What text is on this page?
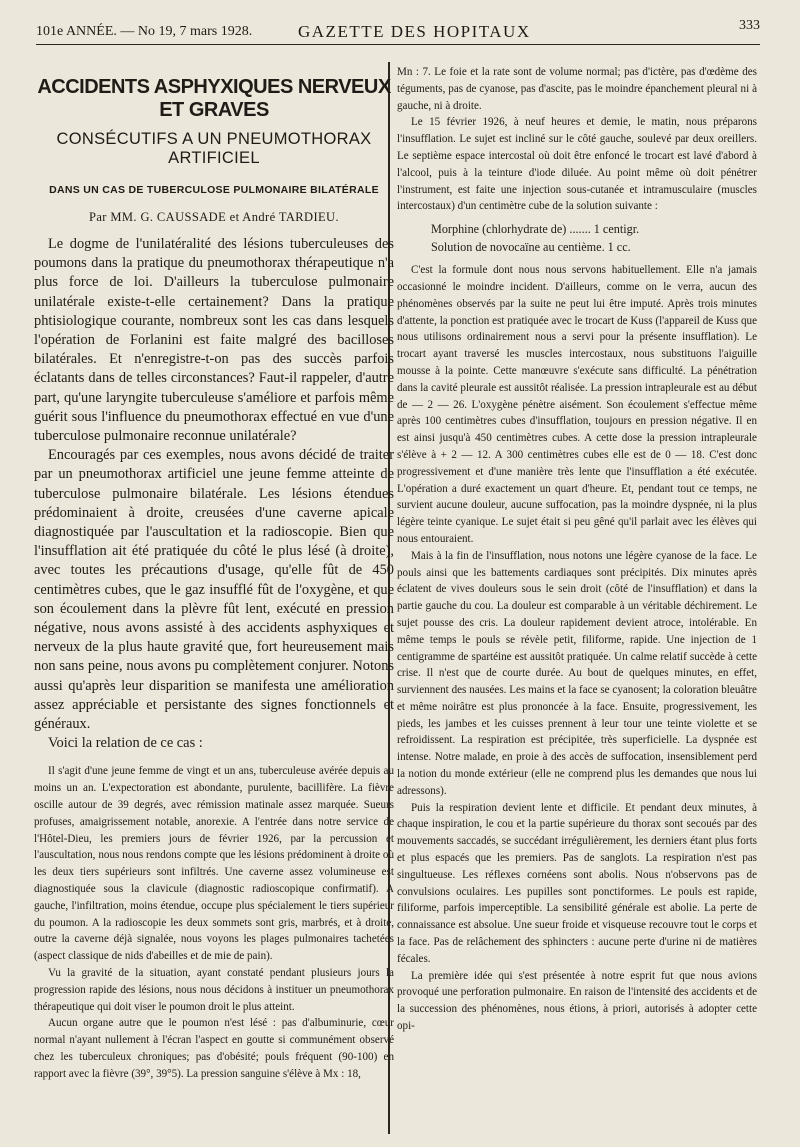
101e ANNÉE. — No 19, 7 mars 1928.	GAZETTE DES HOPITAUX	333
ACCIDENTS ASPHYXIQUES NERVEUX ET GRAVES
CONSÉCUTIFS A UN PNEUMOTHORAX ARTIFICIEL
DANS UN CAS DE TUBERCULOSE PULMONAIRE BILATÉRALE
Par MM. G. CAUSSADE et André TARDIEU.

Le dogme de l'unilatéralité des lésions tuberculeuses des poumons dans la pratique du pneumothorax thérapeutique n'a plus force de loi. D'ailleurs la tuberculose pulmonaire unilatérale existe-t-elle certainement? Dans la pratique phtisiologique courante, nombreux sont les cas dans lesquels l'opération de Forlanini est faite malgré des bacilloses bilatérales. Et n'enregistre-t-on pas des succès parfois éclatants dans de telles circonstances? Faut-il rappeler, d'autre part, qu'une laryngite tuberculeuse s'améliore et parfois même guérit sous l'influence du pneumothorax effectué en vue d'une tuberculose pulmonaire reconnue unilatérale?

Encouragés par ces exemples, nous avons décidé de traiter par un pneumothorax artificiel une jeune femme atteinte de tuberculose pulmonaire bilatérale. Les lésions étendues prédominaient à droite, creusées d'une caverne apicale diagnostiquée par l'auscultation et la radioscopie. Bien que l'insufflation ait été pratiquée du côté le plus lésé (à droite), avec toutes les précautions d'usage, qu'elle fût de 450 centimètres cubes, que le gaz insufflé fût de l'oxygène, et que son écoulement dans la plèvre fût lent, exécuté en pression négative, nous avons assisté à des accidents asphyxiques et nerveux de la plus haute gravité que, fort heureusement mais non sans peine, nous avons pu complètement conjurer. Notons aussi qu'après leur disparition se manifesta une amélioration assez appréciable et persistante des signes fonctionnels et généraux.

Voici la relation de ce cas :

Il s'agit d'une jeune femme de vingt et un ans, tuberculeuse avérée depuis au moins un an. L'expectoration est abondante, purulente, bacillifère. La fièvre oscille autour de 39 degrés, avec rémission matinale assez marquée. Sueurs profuses, amaigrissement notable, anorexie. A l'entrée dans notre service de l'Hôtel-Dieu, les premiers jours de février 1926, par la percussion et l'auscultation, nous nous rendons compte que les lésions prédominent à droite où les deux tiers supérieurs sont infiltrés. Une caverne assez volumineuse est diagnostiquée sous la clavicule (diagnostic radioscopique confirmatif). A gauche, l'infiltration, moins étendue, occupe plus spécialement le tiers supérieur du poumon. A la radioscopie les deux sommets sont gris, marbrés, et à droite, outre la caverne déjà signalée, nous voyons les plages pulmonaires tachetées (aspect classique de nids d'abeilles et de mie de pain).

Vu la gravité de la situation, ayant constaté pendant plusieurs jours la progression rapide des lésions, nous nous décidons à instituer un pneumothorax thérapeutique qui doit viser le poumon droit le plus atteint.

Aucun organe autre que le poumon n'est lésé : pas d'albuminurie, cœur normal n'ayant nullement à l'écran l'aspect en goutte si communément observé chez les tuberculeux chroniques; pas d'obésité; pouls fréquent (90-100) en rapport avec la fièvre (39°, 39°5). La pression sanguine s'élève à Mx : 18,

Mn : 7. Le foie et la rate sont de volume normal; pas d'ictère, pas d'œdème des téguments, pas de cyanose, pas d'ascite, pas le moindre épanchement pleural ni à gauche, ni à droite.

Le 15 février 1926, à neuf heures et demie, le matin, nous préparons l'insufflation. Le sujet est incliné sur le côté gauche, soulevé par deux oreillers. Le septième espace intercostal où doit être enfoncé le trocart est lavé d'abord à l'alcool, puis à la teinture d'iode diluée. Au point même où doit pénétrer l'instrument, est faite une injection sous-cutanée et intramusculaire (muscles intercostaux) d'un centimètre cube de la solution suivante :

Morphine (chlorhydrate de) ....... 1 centigr.
Solution de novocaïne au centième. 1 cc.

C'est la formule dont nous nous servons habituellement. Elle n'a jamais occasionné le moindre incident. D'ailleurs, comme on le verra, aucun des phénomènes observés par la suite ne peut lui être imputé. Après trois minutes d'attente, la ponction est pratiquée avec le trocart de Kuss (l'appareil de Kuss que nous utilisons ordinairement nous a servi pour la présente insufflation). Le trocart ayant traversé les muscles intercostaux, nous substituons l'aiguille mousse à la pointe. Cette manœuvre s'exécute sans difficulté. La pénétration dans la cavité pleurale est aussitôt réalisée. La pression intrapleurale est au début de — 2 — 26. L'oxygène pénètre aisément. Son écoulement s'effectue même après 100 centimètres cubes d'insufflation, toujours en pression négative. Il en est ainsi jusqu'à 450 centimètres cubes. A cette dose la pression intrapleurale s'élève à + 2 — 12. A 300 centimètres cubes elle est de 0 — 18. C'est donc progressivement et d'une manière très lente que l'insufflation a été exécutée. L'opération a duré exactement un quart d'heure. Et, pendant tout ce temps, ne survient aucune douleur, aucune suffocation, pas la moindre dyspnée, ni la plus légère teinte cyanique. Le sujet était si peu gêné qu'il parlait avec les élèves qui nous entouraient.

Mais à la fin de l'insufflation, nous notons une légère cyanose de la face. Le pouls ainsi que les battements cardiaques sont précipités. Dix minutes après éclatent de vives douleurs sous le sein droit (côté de l'insufflation) et dans la partie gauche du cou. La douleur est comparable à un véritable déchirement. Le sujet pousse des cris. La douleur rapidement devient atroce, intolérable. En même temps le pouls se révèle petit, filiforme, rapide. Une injection de 1 centigramme de spartéine est aussitôt pratiquée. Un calme relatif succède à cette crise. Il n'est que de courte durée. Au bout de quelques minutes, en effet, surviennent des nausées. Les mains et la face se cyanosent; la coloration bleuâtre et même noirâtre est plus prononcée à la face. Ensuite, progressivement, les pieds, les jambes et les cuisses prennent à leur tour une teinte violette et se refroidissent. La respiration est précipitée, très superficielle. La dyspnée est intense. Notre malade, en proie à des accès de suffocation, insensiblement perd la notion du monde extérieur (elle ne comprend plus les demandes que nous lui adressons).

Puis la respiration devient lente et difficile. Et pendant deux minutes, à chaque inspiration, le cou et la partie supérieure du thorax sont secoués par des mouvements saccadés, se succédant irrégulièrement, les derniers étant plus forts et plus espacés que les premiers. Pas de sanglots. La respiration n'est pas singultueuse. Les réflexes cornéens sont abolis. Nous n'observons pas de convulsions oculaires. Les pupilles sont ponctiformes. Le pouls est rapide, filiforme, parfois imperceptible. La sensibilité générale est abolie. La perte de connaissance est absolue. Une sueur froide et visqueuse recouvre tout le corps et la face. Pas de relâchement des sphincters : aucune perte d'urine ni de matières fécales.

La première idée qui s'est présentée à notre esprit fut que nous avions provoqué une perforation pulmonaire. En raison de l'intensité des accidents et de la succession des phénomènes, nous étions, à priori, autorisés à adopter cette opi-
